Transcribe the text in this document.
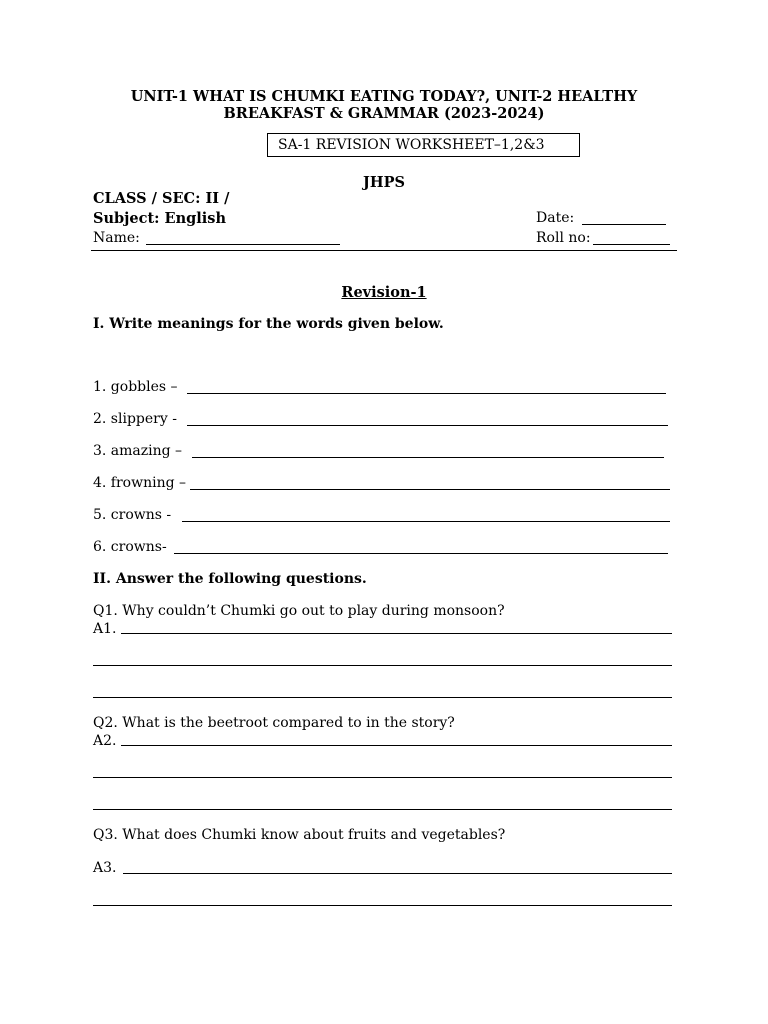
UNIT-1 WHAT IS CHUMKI EATING TODAY?, UNIT-2 HEALTHY
BREAKFAST & GRAMMAR (2023-2024)
SA-1 REVISION WORKSHEET–1,2&3
JHPS
CLASS / SEC: II /
Subject: English	Date:
Name:	Roll no:
Revision-1
I. Write meanings for the words given below.
1. gobbles –
2. slippery -
3. amazing –
4. frowning –
5. crowns -
6. crowns-
II. Answer the following questions.
Q1. Why couldn’t Chumki go out to play during monsoon?
A1.
Q2. What is the beetroot compared to in the story?
A2.
Q3. What does Chumki know about fruits and vegetables?
A3.
